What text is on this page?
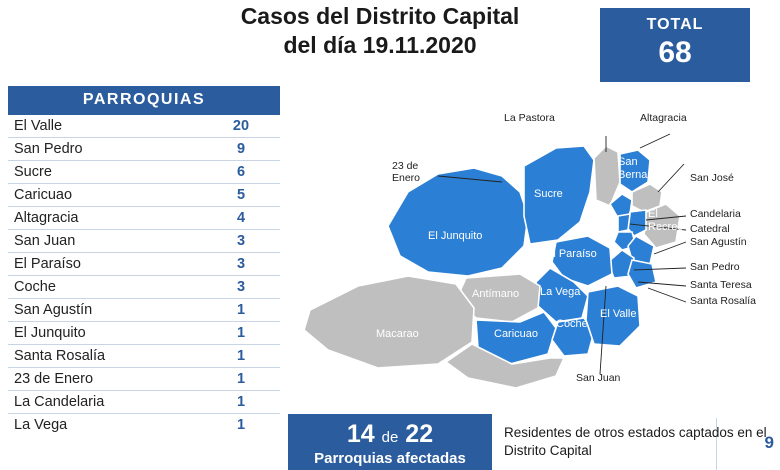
Casos del Distrito Capital
del día 19.11.2020
TOTAL
68
PARROQUIAS
El Valle	20
San Pedro	9
Sucre	6
Caricuao	5
Altagracia	4
San Juan	3
El Paraíso	3
Coche	3
San Agustín	1
El Junquito	1
Santa Rosalía	1
23 de Enero	1
La Candelaria	1
La Vega	1
La Pastora	Altagracia
23 de
Enero	San José
Candelaria
Catedral
San Agustín
San Pedro
Santa Teresa
Santa Rosalía
San Juan
El
Recreo
San
Bernardino
Sucre
El Junquito
El Paraíso
La Vega
Antímano
Macarao	Caricuao
Coche
El Valle
14 de 22
Parroquias afectadas
Residentes de otros estados captados en el Distrito Capital	9
